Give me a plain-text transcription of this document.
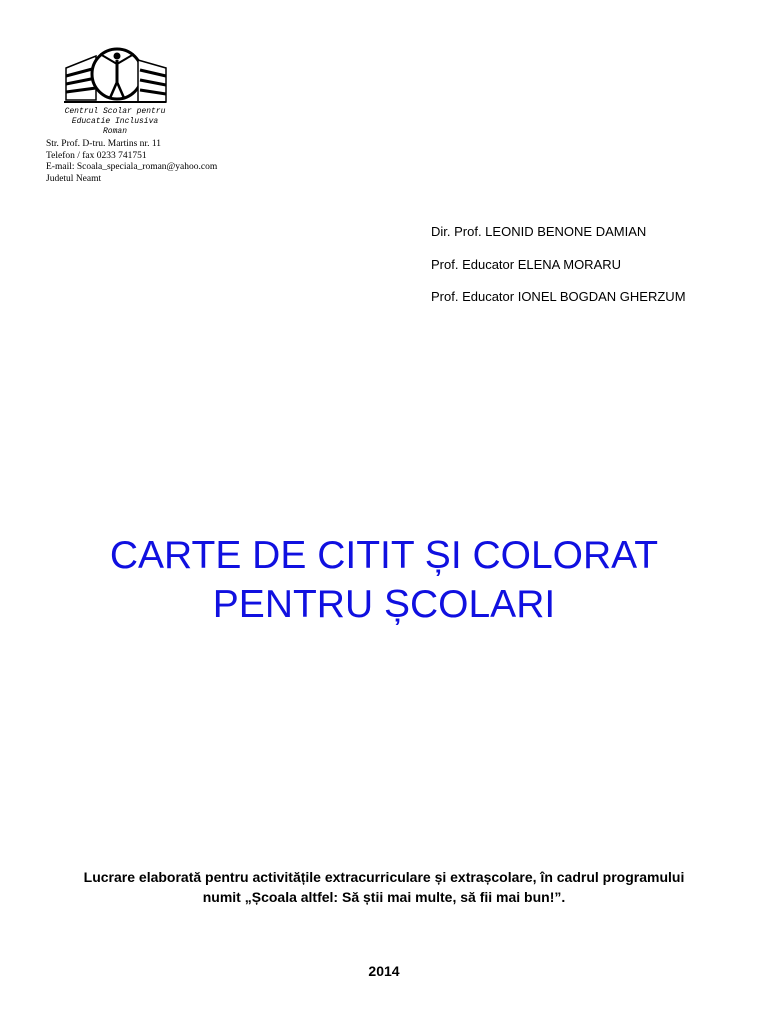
Centrul Scolar pentru
Educatie Inclusiva
Roman
Str. Prof. D-tru. Martins nr. 11
Telefon / fax 0233 741751
E-mail: Scoala_speciala_roman@yahoo.com
Judetul Neamt
Dir. Prof. LEONID BENONE DAMIAN
Prof. Educator ELENA MORARU
Prof. Educator IONEL BOGDAN GHERZUM
CARTE DE CITIT ȘI COLORAT
PENTRU ȘCOLARI
Lucrare elaborată pentru activitățile extracurriculare și extrașcolare, în cadrul programului
numit „Școala altfel: Să știi mai multe, să fii mai bun!”.
2014
